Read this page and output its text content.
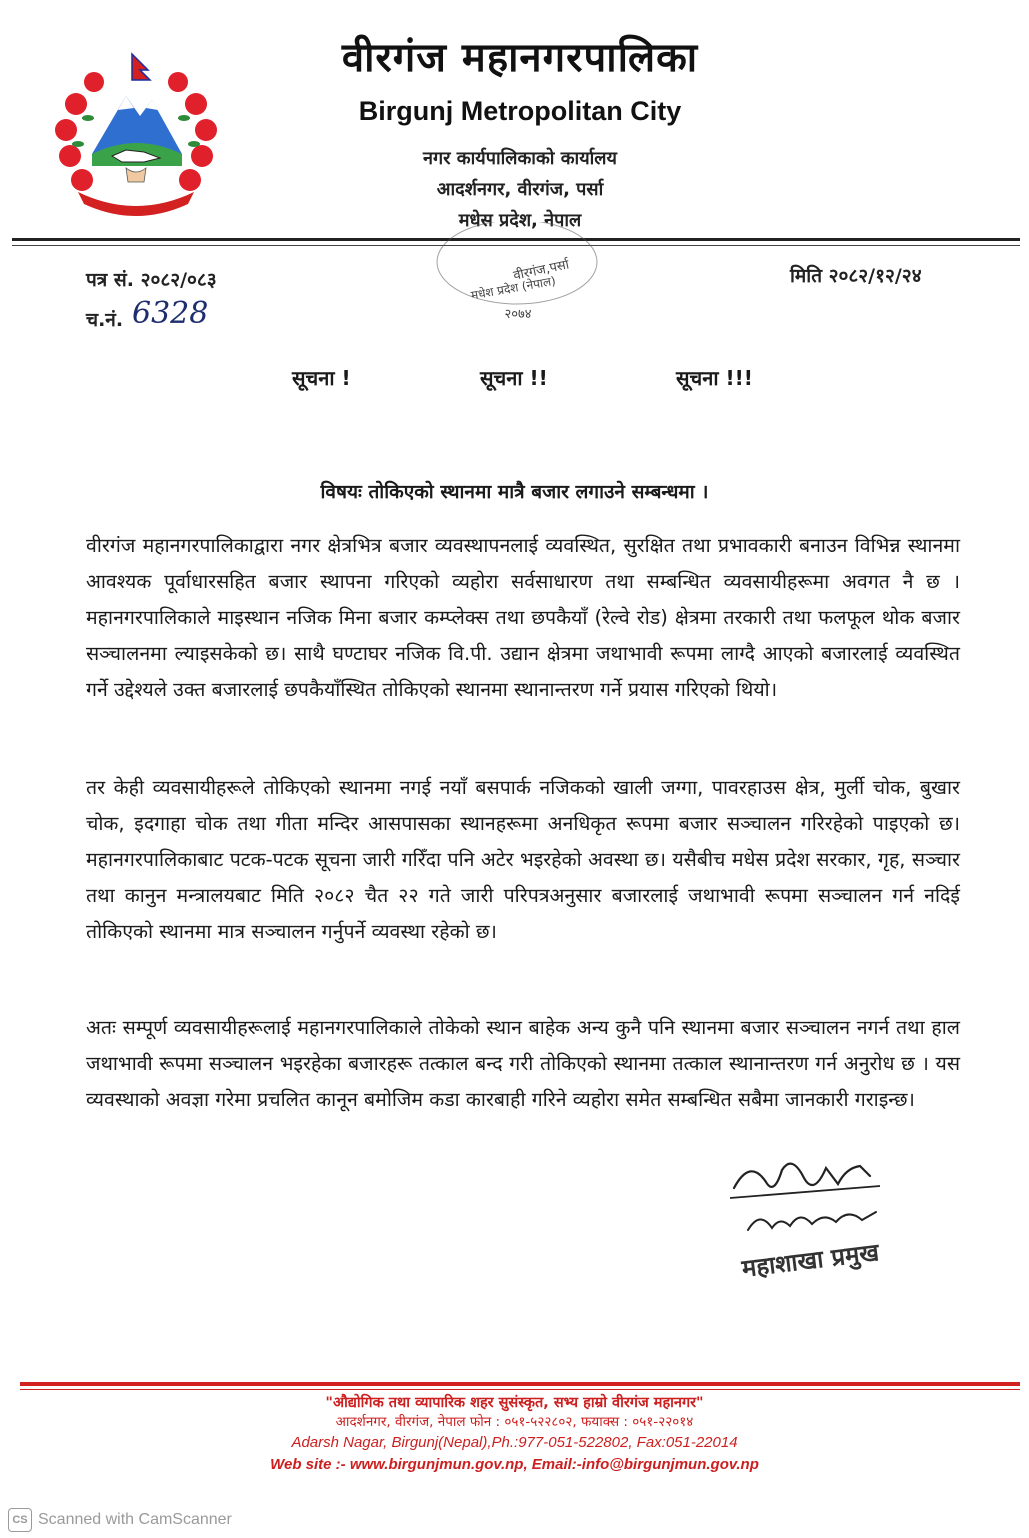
वीरगंज महानगरपालिका
Birgunj Metropolitan City
नगर कार्यपालिकाको कार्यालय
आदर्शनगर, वीरगंज, पर्सा
मधेस प्रदेश, नेपाल
पत्र सं. २०८२/०८३
च.नं. 6328
मिति २०८२/१२/२४
वीरगंज,पर्सा
मधेश प्रदेश (नेपाल)
२०७४
सूचना !	सूचना !!	सूचना !!!
विषयः तोकिएको स्थानमा मात्रै बजार लगाउने सम्बन्धमा ।
वीरगंज महानगरपालिकाद्वारा नगर क्षेत्रभित्र बजार व्यवस्थापनलाई व्यवस्थित, सुरक्षित तथा प्रभावकारी बनाउन विभिन्न स्थानमा आवश्यक पूर्वाधारसहित बजार स्थापना गरिएको व्यहोरा सर्वसाधारण तथा सम्बन्धित व्यवसायीहरूमा अवगत नै छ । महानगरपालिकाले माइस्थान नजिक मिना बजार कम्प्लेक्स तथा छपकैयाँ (रेल्वे रोड) क्षेत्रमा तरकारी तथा फलफूल थोक बजार सञ्चालनमा ल्याइसकेको छ। साथै घण्टाघर नजिक वि.पी. उद्यान क्षेत्रमा जथाभावी रूपमा लाग्दै आएको बजारलाई व्यवस्थित गर्ने उद्देश्यले उक्त बजारलाई छपकैयाँस्थित तोकिएको स्थानमा स्थानान्तरण गर्ने प्रयास गरिएको थियो।
तर केही व्यवसायीहरूले तोकिएको स्थानमा नगई नयाँ बसपार्क नजिकको खाली जग्गा, पावरहाउस क्षेत्र, मुर्ली चोक, बुखार चोक, इदगाहा चोक तथा गीता मन्दिर आसपासका स्थानहरूमा अनधिकृत रूपमा बजार सञ्चालन गरिरहेको पाइएको छ। महानगरपालिकाबाट पटक-पटक सूचना जारी गरिँदा पनि अटेर भइरहेको अवस्था छ। यसैबीच मधेस प्रदेश सरकार, गृह, सञ्चार तथा कानुन मन्त्रालयबाट मिति २०८२ चैत २२ गते जारी परिपत्रअनुसार बजारलाई जथाभावी रूपमा सञ्चालन गर्न नदिई तोकिएको स्थानमा मात्र सञ्चालन गर्नुपर्ने व्यवस्था रहेको छ।
अतः सम्पूर्ण व्यवसायीहरूलाई महानगरपालिकाले तोकेको स्थान बाहेक अन्य कुनै पनि स्थानमा बजार सञ्चालन नगर्न तथा हाल जथाभावी रूपमा सञ्चालन भइरहेका बजारहरू तत्काल बन्द गरी तोकिएको स्थानमा तत्काल स्थानान्तरण गर्न अनुरोध छ । यस व्यवस्थाको अवज्ञा गरेमा प्रचलित कानून बमोजिम कडा कारबाही गरिने व्यहोरा समेत सम्बन्धित सबैमा जानकारी गराइन्छ।
महाशाखा प्रमुख
"औद्योगिक तथा व्यापारिक शहर सुसंस्कृत, सभ्य हाम्रो वीरगंज महानगर"
आदर्शनगर, वीरगंज, नेपाल फोन : ०५१-५२२८०२, फयाक्स : ०५१-२२०१४
Adarsh Nagar, Birgunj(Nepal),Ph.:977-051-522802, Fax:051-22014
Web site :- www.birgunjmun.gov.np, Email:-info@birgunjmun.gov.np
CS Scanned with CamScanner
